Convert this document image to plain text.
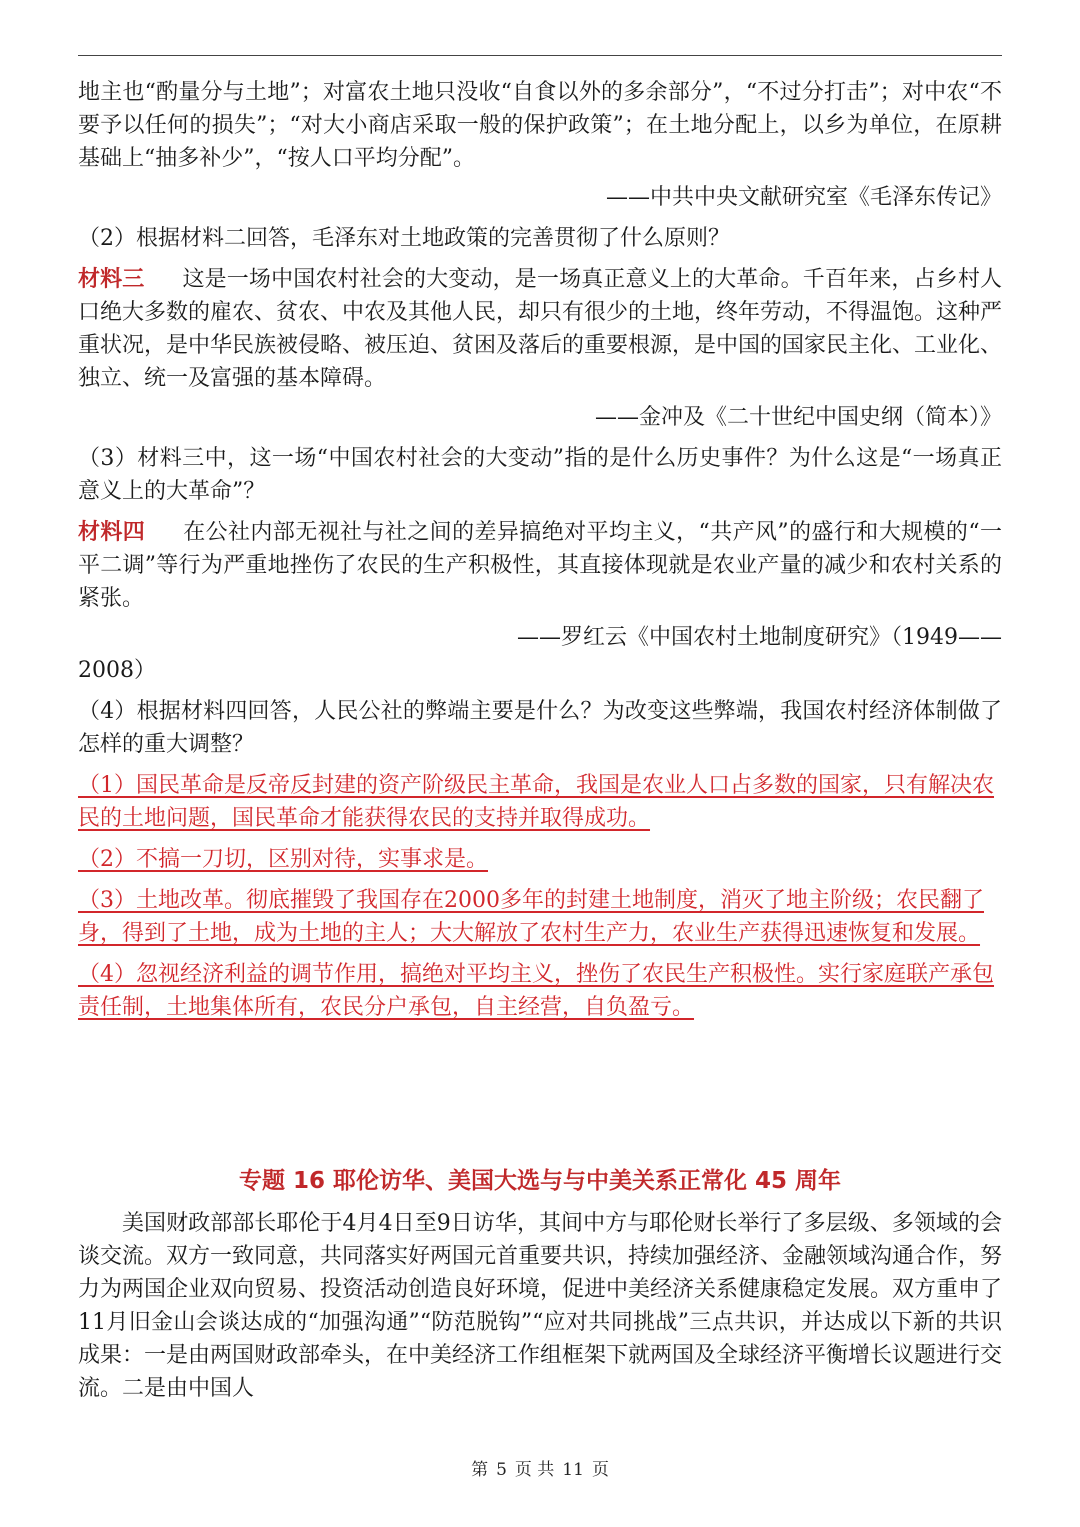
地主也“酌量分与土地”；对富农土地只没收“自食以外的多余部分”，“不过分打击”；对中农“不要予以任何的损失”；“对大小商店采取一般的保护政策”；在土地分配上，以乡为单位，在原耕基础上“抽多补少”，“按人口平均分配”。

——中共中央文献研究室《毛泽东传记》

（2）根据材料二回答，毛泽东对土地政策的完善贯彻了什么原则？

材料三 这是一场中国农村社会的大变动，是一场真正意义上的大革命。千百年来，占乡村人口绝大多数的雇农、贫农、中农及其他人民，却只有很少的土地，终年劳动，不得温饱。这种严重状况，是中华民族被侵略、被压迫、贫困及落后的重要根源，是中国的国家民主化、工业化、独立、统一及富强的基本障碍。

——金冲及《二十世纪中国史纲（简本）》

（3）材料三中，这一场“中国农村社会的大变动”指的是什么历史事件？为什么这是“一场真正意义上的大革命”？

材料四 在公社内部无视社与社之间的差异搞绝对平均主义，“共产风”的盛行和大规模的“一平二调”等行为严重地挫伤了农民的生产积极性，其直接体现就是农业产量的减少和农村关系的紧张。

——罗红云《中国农村土地制度研究》（1949——

2008）

（4）根据材料四回答，人民公社的弊端主要是什么？为改变这些弊端，我国农村经济体制做了怎样的重大调整？

（1）国民革命是反帝反封建的资产阶级民主革命，我国是农业人口占多数的国家，只有解决农民的土地问题，国民革命才能获得农民的支持并取得成功。

（2）不搞一刀切，区别对待，实事求是。

（3）土地改革。彻底摧毁了我国存在2000多年的封建土地制度，消灭了地主阶级；农民翻了身，得到了土地，成为土地的主人；大大解放了农村生产力，农业生产获得迅速恢复和发展。

（4）忽视经济利益的调节作用，搞绝对平均主义，挫伤了农民生产积极性。实行家庭联产承包责任制，土地集体所有，农民分户承包，自主经营，自负盈亏。

专题 16 耶伦访华、美国大选与与中美关系正常化 45 周年

美国财政部部长耶伦于4月4日至9日访华，其间中方与耶伦财长举行了多层级、多领域的会谈交流。双方一致同意，共同落实好两国元首重要共识，持续加强经济、金融领域沟通合作，努力为两国企业双向贸易、投资活动创造良好环境，促进中美经济关系健康稳定发展。双方重申了11月旧金山会谈达成的“加强沟通”“防范脱钩”“应对共同挑战”三点共识，并达成以下新的共识成果：一是由两国财政部牵头，在中美经济工作组框架下就两国及全球经济平衡增长议题进行交流。二是由中国人

第 5 页 共 11 页
